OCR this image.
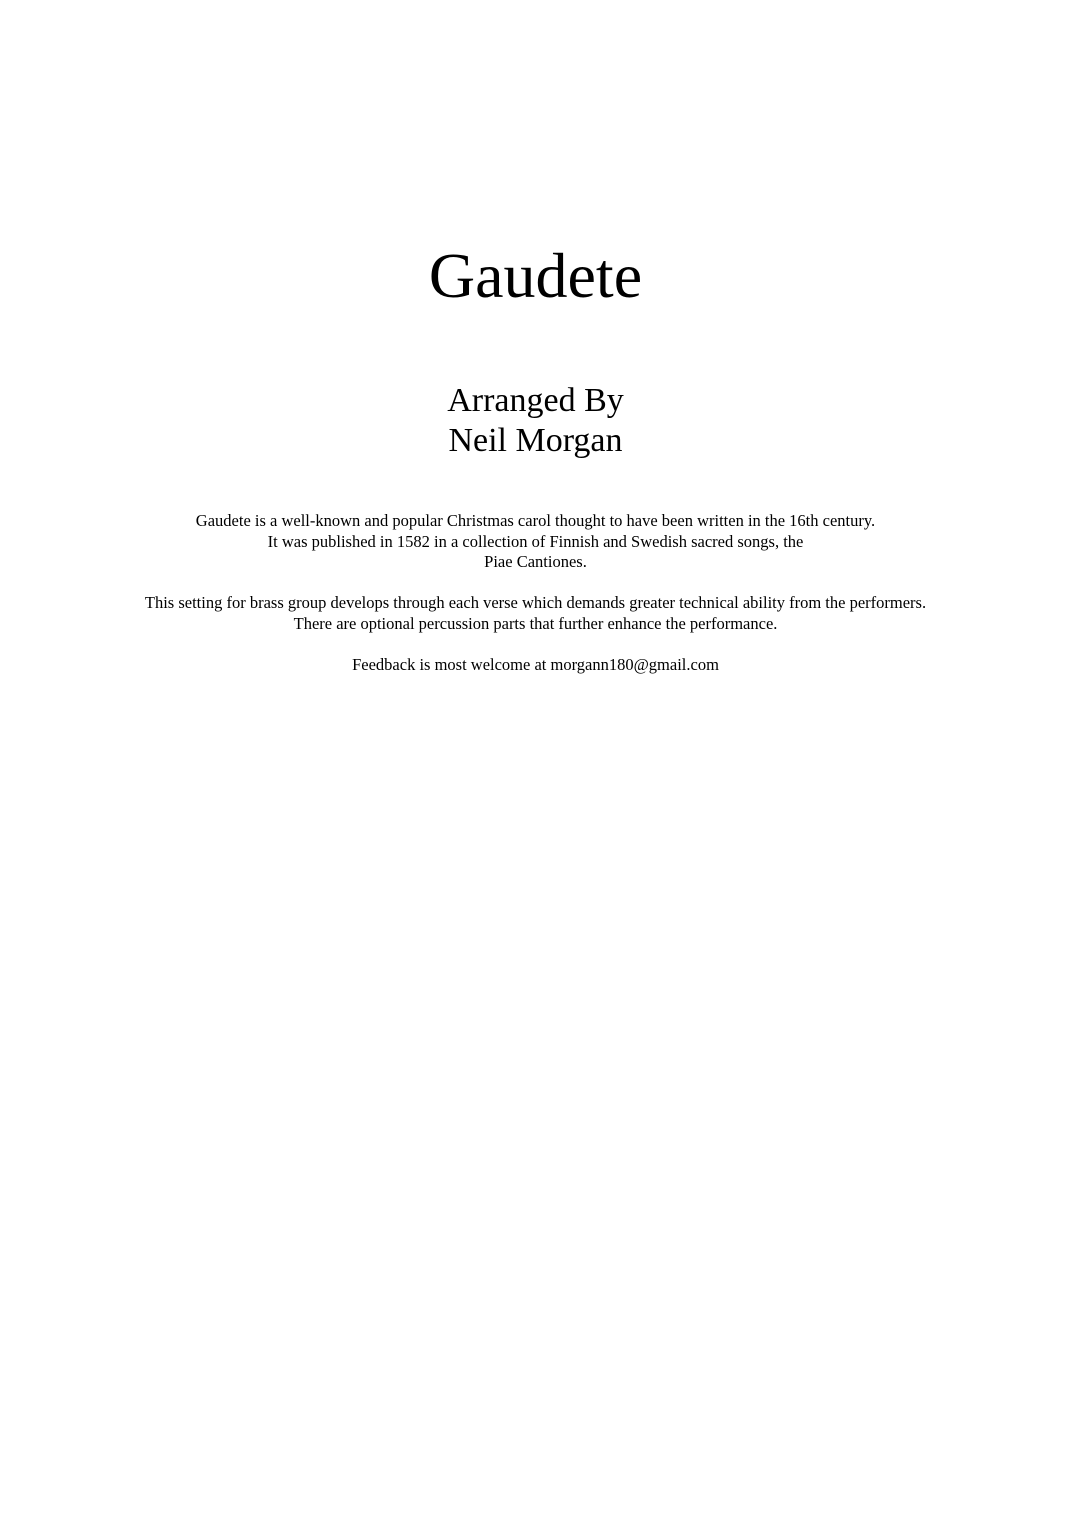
Gaudete
Arranged By
Neil Morgan
Gaudete is a well-known and popular Christmas carol thought to have been written in the 16th century.
It was published in 1582 in a collection of Finnish and Swedish sacred songs, the
Piae Cantiones.
This setting for brass group develops through each verse which demands greater technical ability from the performers.
There are optional percussion parts that further enhance the performance.
Feedback is most welcome at morgann180@gmail.com
